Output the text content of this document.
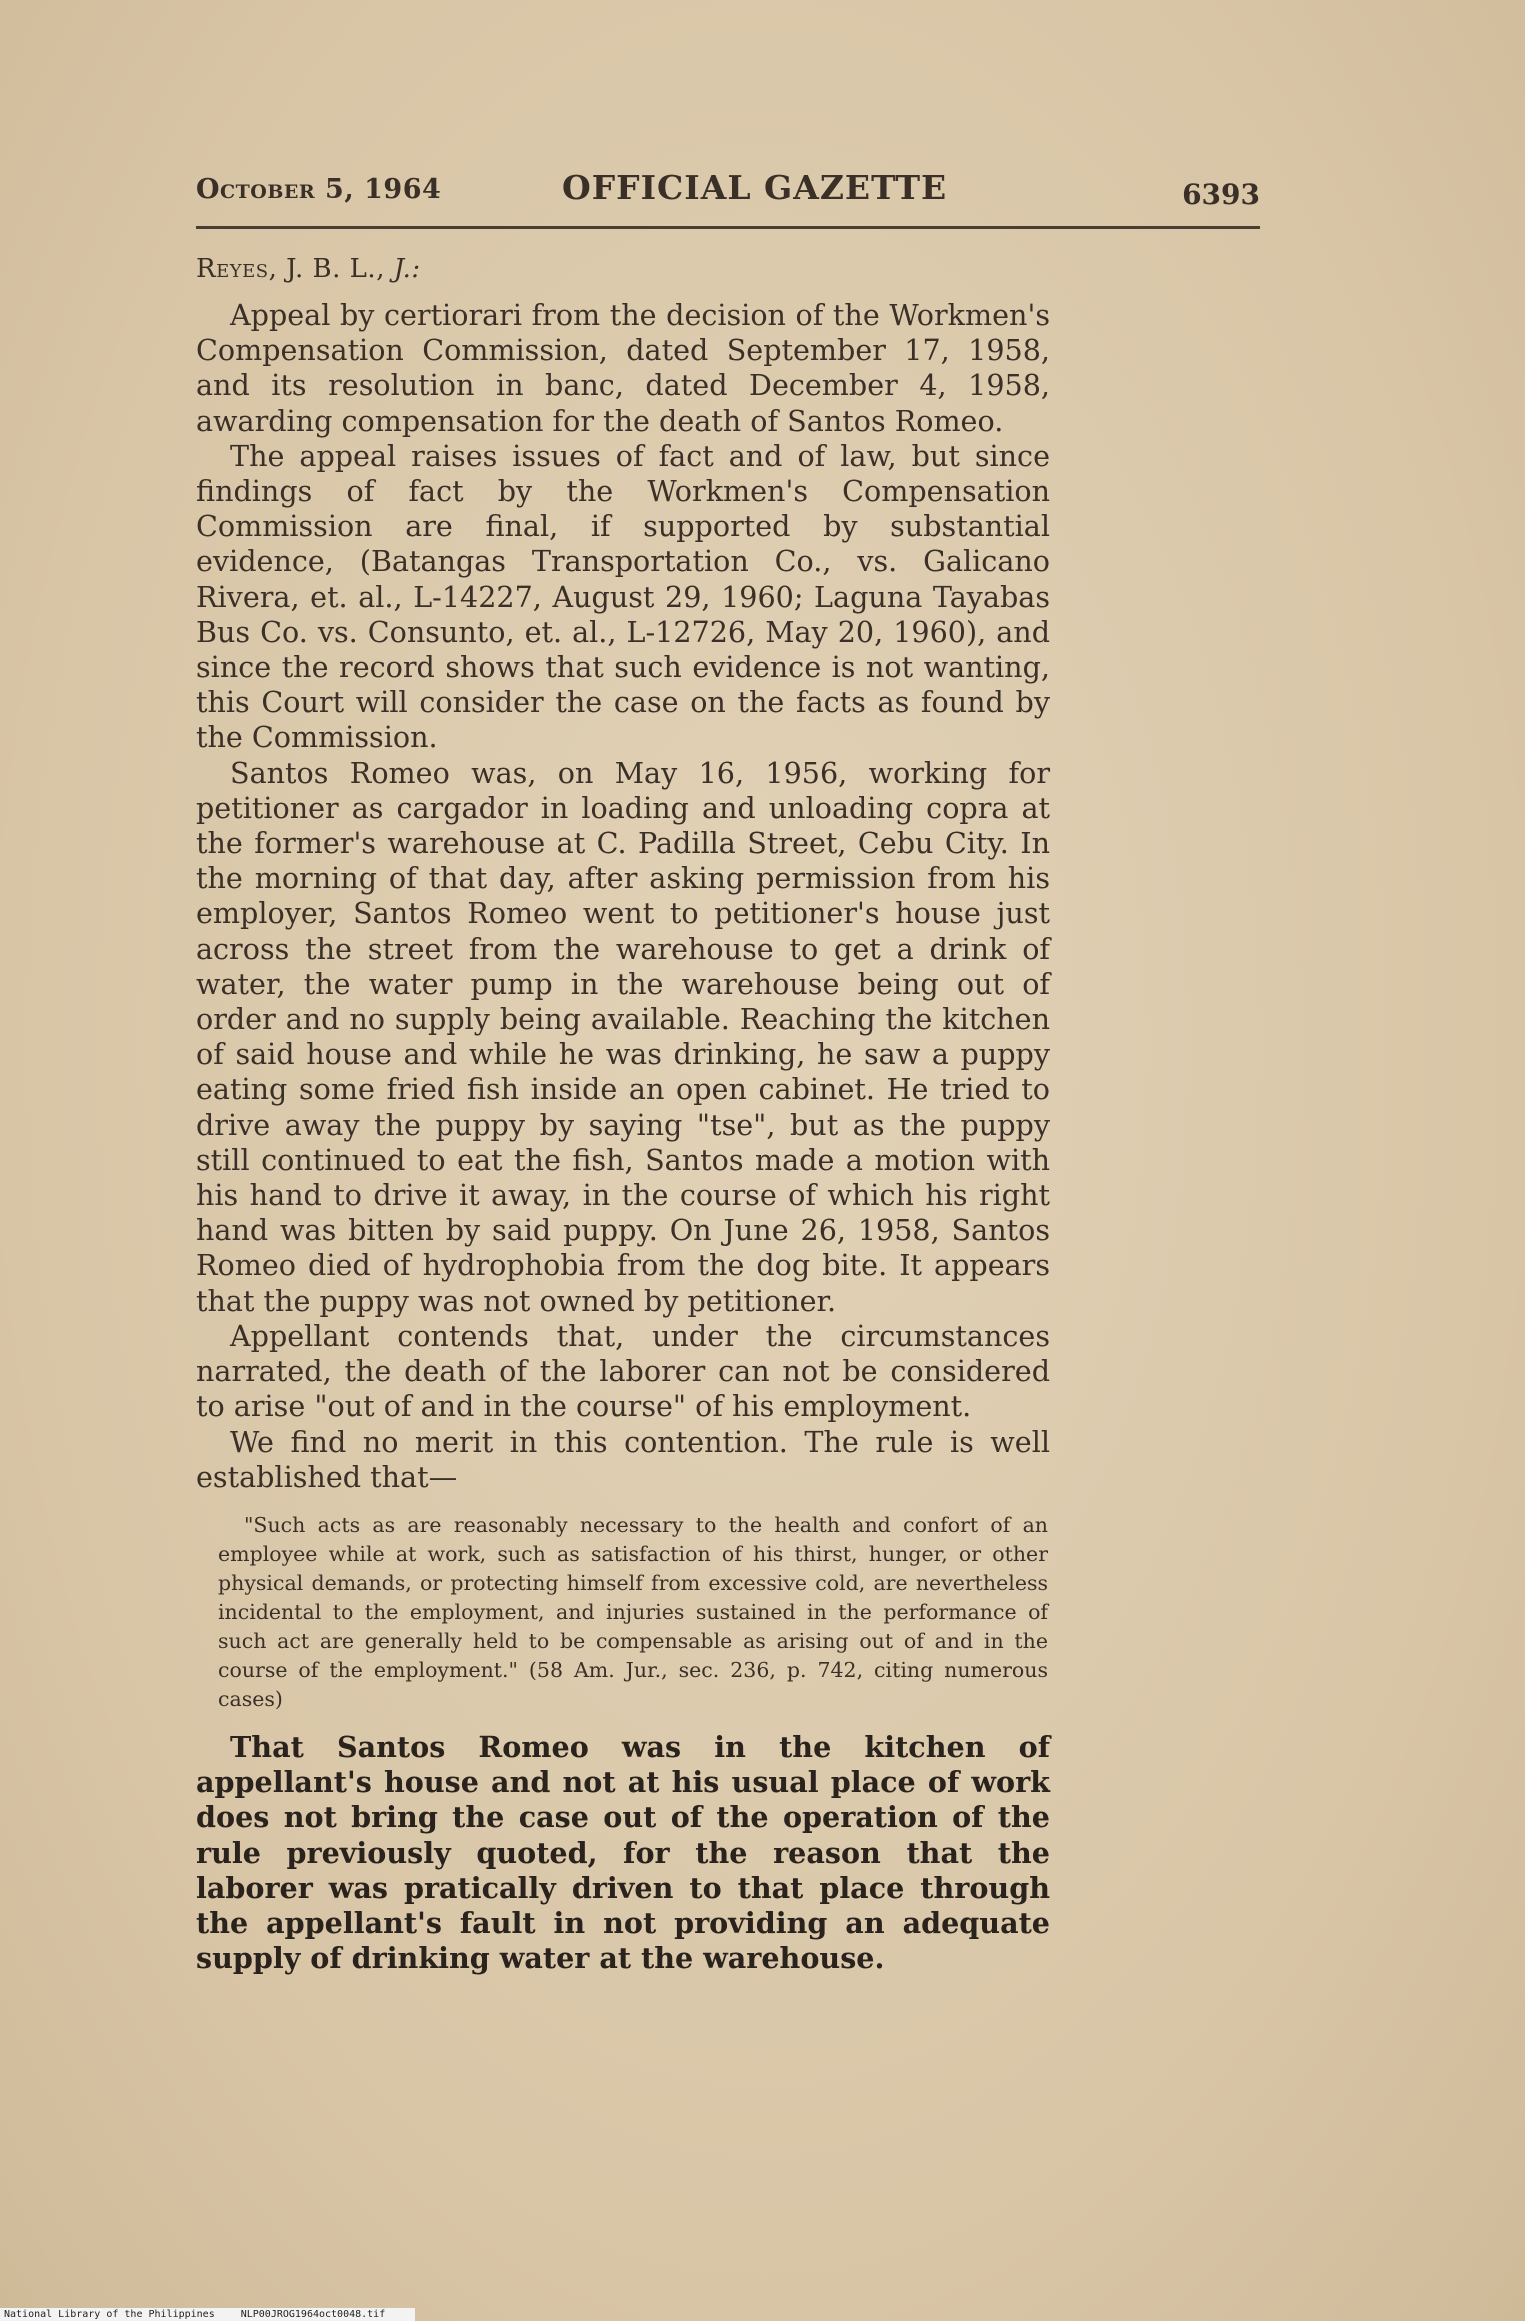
October 5, 1964	OFFICIAL GAZETTE	6393
Reyes, J. B. L., J.:

Appeal by certiorari from the decision of the Workmen's Compensation Commission, dated September 17, 1958, and its resolution in banc, dated December 4, 1958, awarding compensation for the death of Santos Romeo.

The appeal raises issues of fact and of law, but since findings of fact by the Workmen's Compensation Commission are final, if supported by substantial evidence, (Batangas Transportation Co., vs. Galicano Rivera, et. al., L-14227, August 29, 1960; Laguna Tayabas Bus Co. vs. Consunto, et. al., L-12726, May 20, 1960), and since the record shows that such evidence is not wanting, this Court will consider the case on the facts as found by the Commission.

Santos Romeo was, on May 16, 1956, working for petitioner as cargador in loading and unloading copra at the former's warehouse at C. Padilla Street, Cebu City. In the morning of that day, after asking permission from his employer, Santos Romeo went to petitioner's house just across the street from the warehouse to get a drink of water, the water pump in the warehouse being out of order and no supply being available. Reaching the kitchen of said house and while he was drinking, he saw a puppy eating some fried fish inside an open cabinet. He tried to drive away the puppy by saying "tse", but as the puppy still continued to eat the fish, Santos made a motion with his hand to drive it away, in the course of which his right hand was bitten by said puppy. On June 26, 1958, Santos Romeo died of hydrophobia from the dog bite. It appears that the puppy was not owned by petitioner.

Appellant contends that, under the circumstances narrated, the death of the laborer can not be considered to arise "out of and in the course" of his employment.

We find no merit in this contention. The rule is well established that—

"Such acts as are reasonably necessary to the health and confort of an employee while at work, such as satisfaction of his thirst, hunger, or other physical demands, or protecting himself from excessive cold, are nevertheless incidental to the employment, and injuries sustained in the performance of such act are generally held to be compensable as arising out of and in the course of the employment." (58 Am. Jur., sec. 236, p. 742, citing numerous cases)

That Santos Romeo was in the kitchen of appellant's house and not at his usual place of work does not bring the case out of the operation of the rule previously quoted, for the reason that the laborer was pratically driven to that place through the appellant's fault in not providing an adequate supply of drinking water at the warehouse.

National Library of the Philippines	NLP00JROG1964oct0048.tif
